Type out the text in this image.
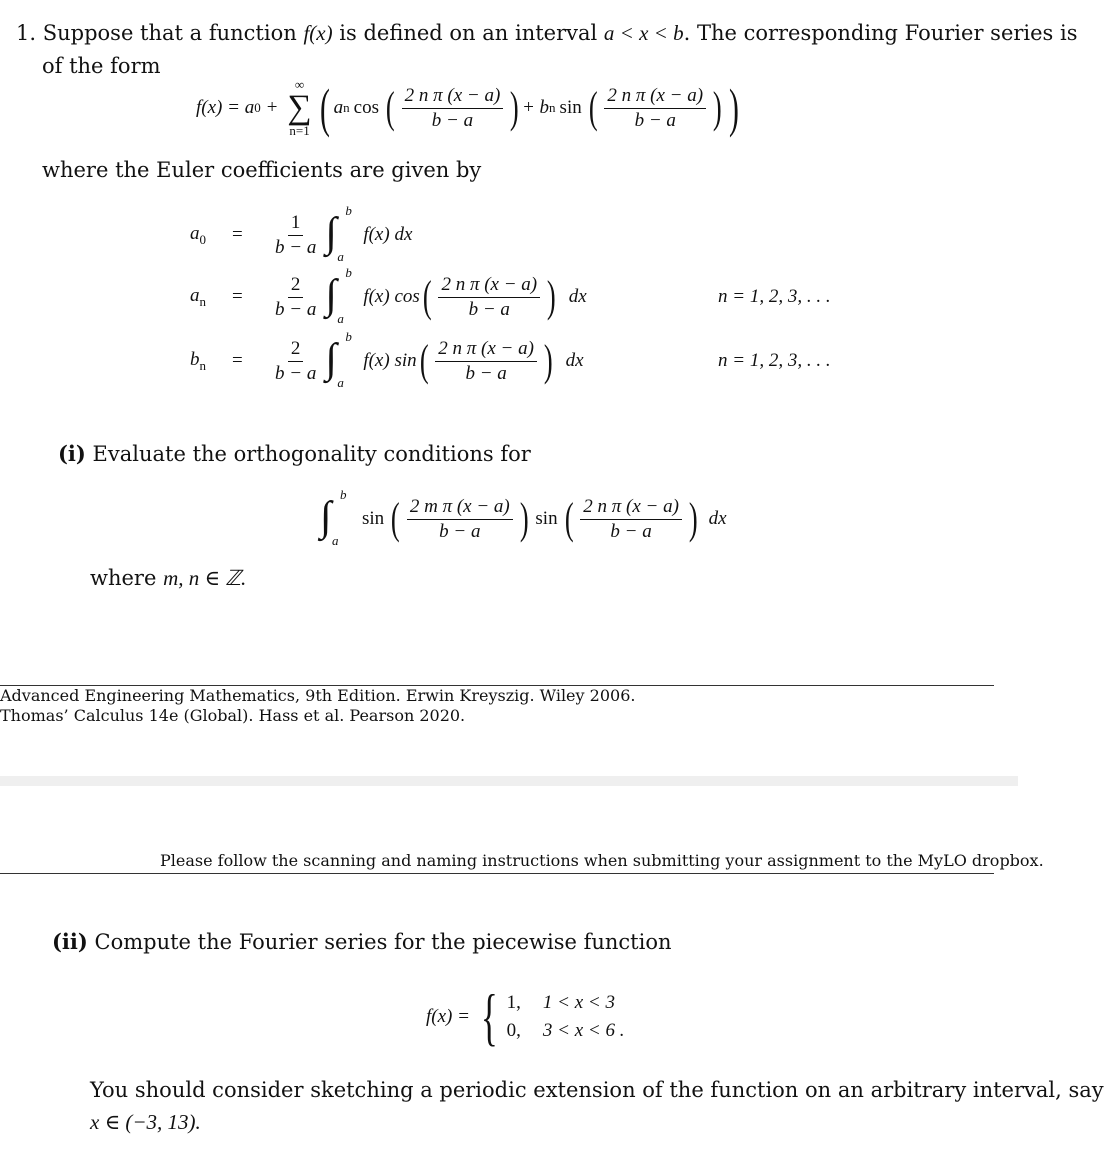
1. Suppose that a function f(x) is defined on an interval a < x < b. The corresponding Fourier series is
of the form
f(x) = a 0 +
∞
∑
n=1 ( a n cos ( $\frac{\text{2 n π (x − a)}}{b - a}$ ) + b n sin ( $\frac{\text{2 n π (x − a)}}{b - a}$ ) )
where the Euler coefficients are given by
$a_0$	=	$\frac{1}{b - a}$ ∫ b
a
f(x) dx
$a_n$	=	$\frac{2}{b - a}$ ∫ b
a
f(x) cos ( $\frac{\text{2 n π (x − a)}}{b - a}$ ) dx	n = 1, 2, 3, . . .
$b_n$	=	$\frac{2}{b - a}$ ∫ b
a
f(x) sin ( $\frac{\text{2 n π (x − a)}}{b - a}$ ) dx	n = 1, 2, 3, . . .
(i) Evaluate the orthogonality conditions for
∫ b
a
sin ( $\frac{\text{2 m π (x − a)}}{b - a}$ ) sin ( $\frac{\text{2 n π (x − a)}}{b - a}$ ) dx
where m, n ∈ ℤ.
Advanced Engineering Mathematics, 9th Edition. Erwin Kreyszig. Wiley 2006.
Thomas’ Calculus 14e (Global). Hass et al. Pearson 2020.
Please follow the scanning and naming instructions when submitting your assignment to the MyLO dropbox.
(ii) Compute the Fourier series for the piecewise function
f(x) = { 1, 1 < x < 3
0, 3 < x < 6 .
You should consider sketching a periodic extension of the function on an arbitrary interval, say
x ∈ (−3, 13).
